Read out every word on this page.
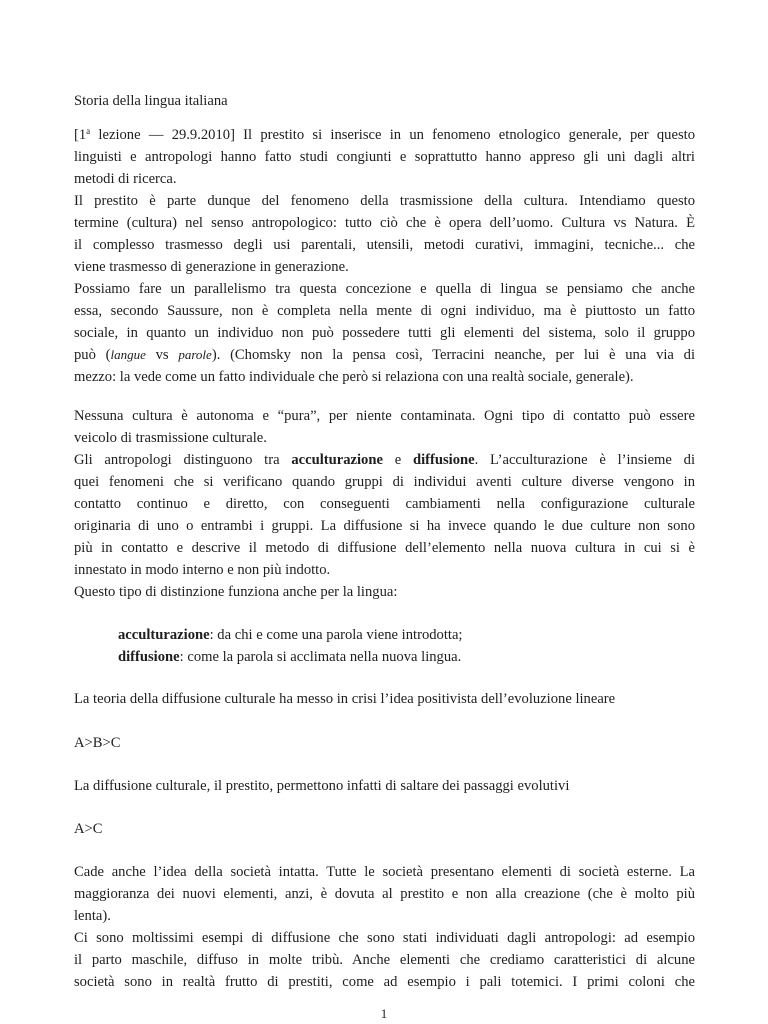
Storia della lingua italiana
[1$^a$ lezione — 29.9.2010] Il prestito si inserisce in un fenomeno etnologico generale, per questo
linguisti e antropologi hanno fatto studi congiunti e soprattutto hanno appreso gli uni dagli altri
metodi di ricerca.
Il prestito è parte dunque del fenomeno della trasmissione della cultura. Intendiamo questo
termine (cultura) nel senso antropologico: tutto ciò che è opera dell’uomo. Cultura vs Natura. È
il complesso trasmesso degli usi parentali, utensili, metodi curativi, immagini, tecniche... che
viene trasmesso di generazione in generazione.
Possiamo fare un parallelismo tra questa concezione e quella di lingua se pensiamo che anche
essa, secondo Saussure, non è completa nella mente di ogni individuo, ma è piuttosto un fatto
sociale, in quanto un individuo non può possedere tutti gli elementi del sistema, solo il gruppo
può (langue vs parole). (Chomsky non la pensa così, Terracini neanche, per lui è una via di
mezzo: la vede come un fatto individuale che però si relaziona con una realtà sociale, generale).
Nessuna cultura è autonoma e “pura”, per niente contaminata. Ogni tipo di contatto può essere
veicolo di trasmissione culturale.
Gli antropologi distinguono tra acculturazione e diffusione. L’acculturazione è l’insieme di
quei fenomeni che si verificano quando gruppi di individui aventi culture diverse vengono in
contatto continuo e diretto, con conseguenti cambiamenti nella configurazione culturale
originaria di uno o entrambi i gruppi. La diffusione si ha invece quando le due culture non sono
più in contatto e descrive il metodo di diffusione dell’elemento nella nuova cultura in cui si è
innestato in modo interno e non più indotto.
Questo tipo di distinzione funziona anche per la lingua:
acculturazione: da chi e come una parola viene introdotta;
diffusione: come la parola si acclimata nella nuova lingua.
La teoria della diffusione culturale ha messo in crisi l’idea positivista dell’evoluzione lineare
A>B>C
La diffusione culturale, il prestito, permettono infatti di saltare dei passaggi evolutivi
A>C
Cade anche l’idea della società intatta. Tutte le società presentano elementi di società esterne. La
maggioranza dei nuovi elementi, anzi, è dovuta al prestito e non alla creazione (che è molto più
lenta).
Ci sono moltissimi esempi di diffusione che sono stati individuati dagli antropologi: ad esempio
il parto maschile, diffuso in molte tribù. Anche elementi che crediamo caratteristici di alcune
società sono in realtà frutto di prestiti, come ad esempio i pali totemici. I primi coloni che
1
